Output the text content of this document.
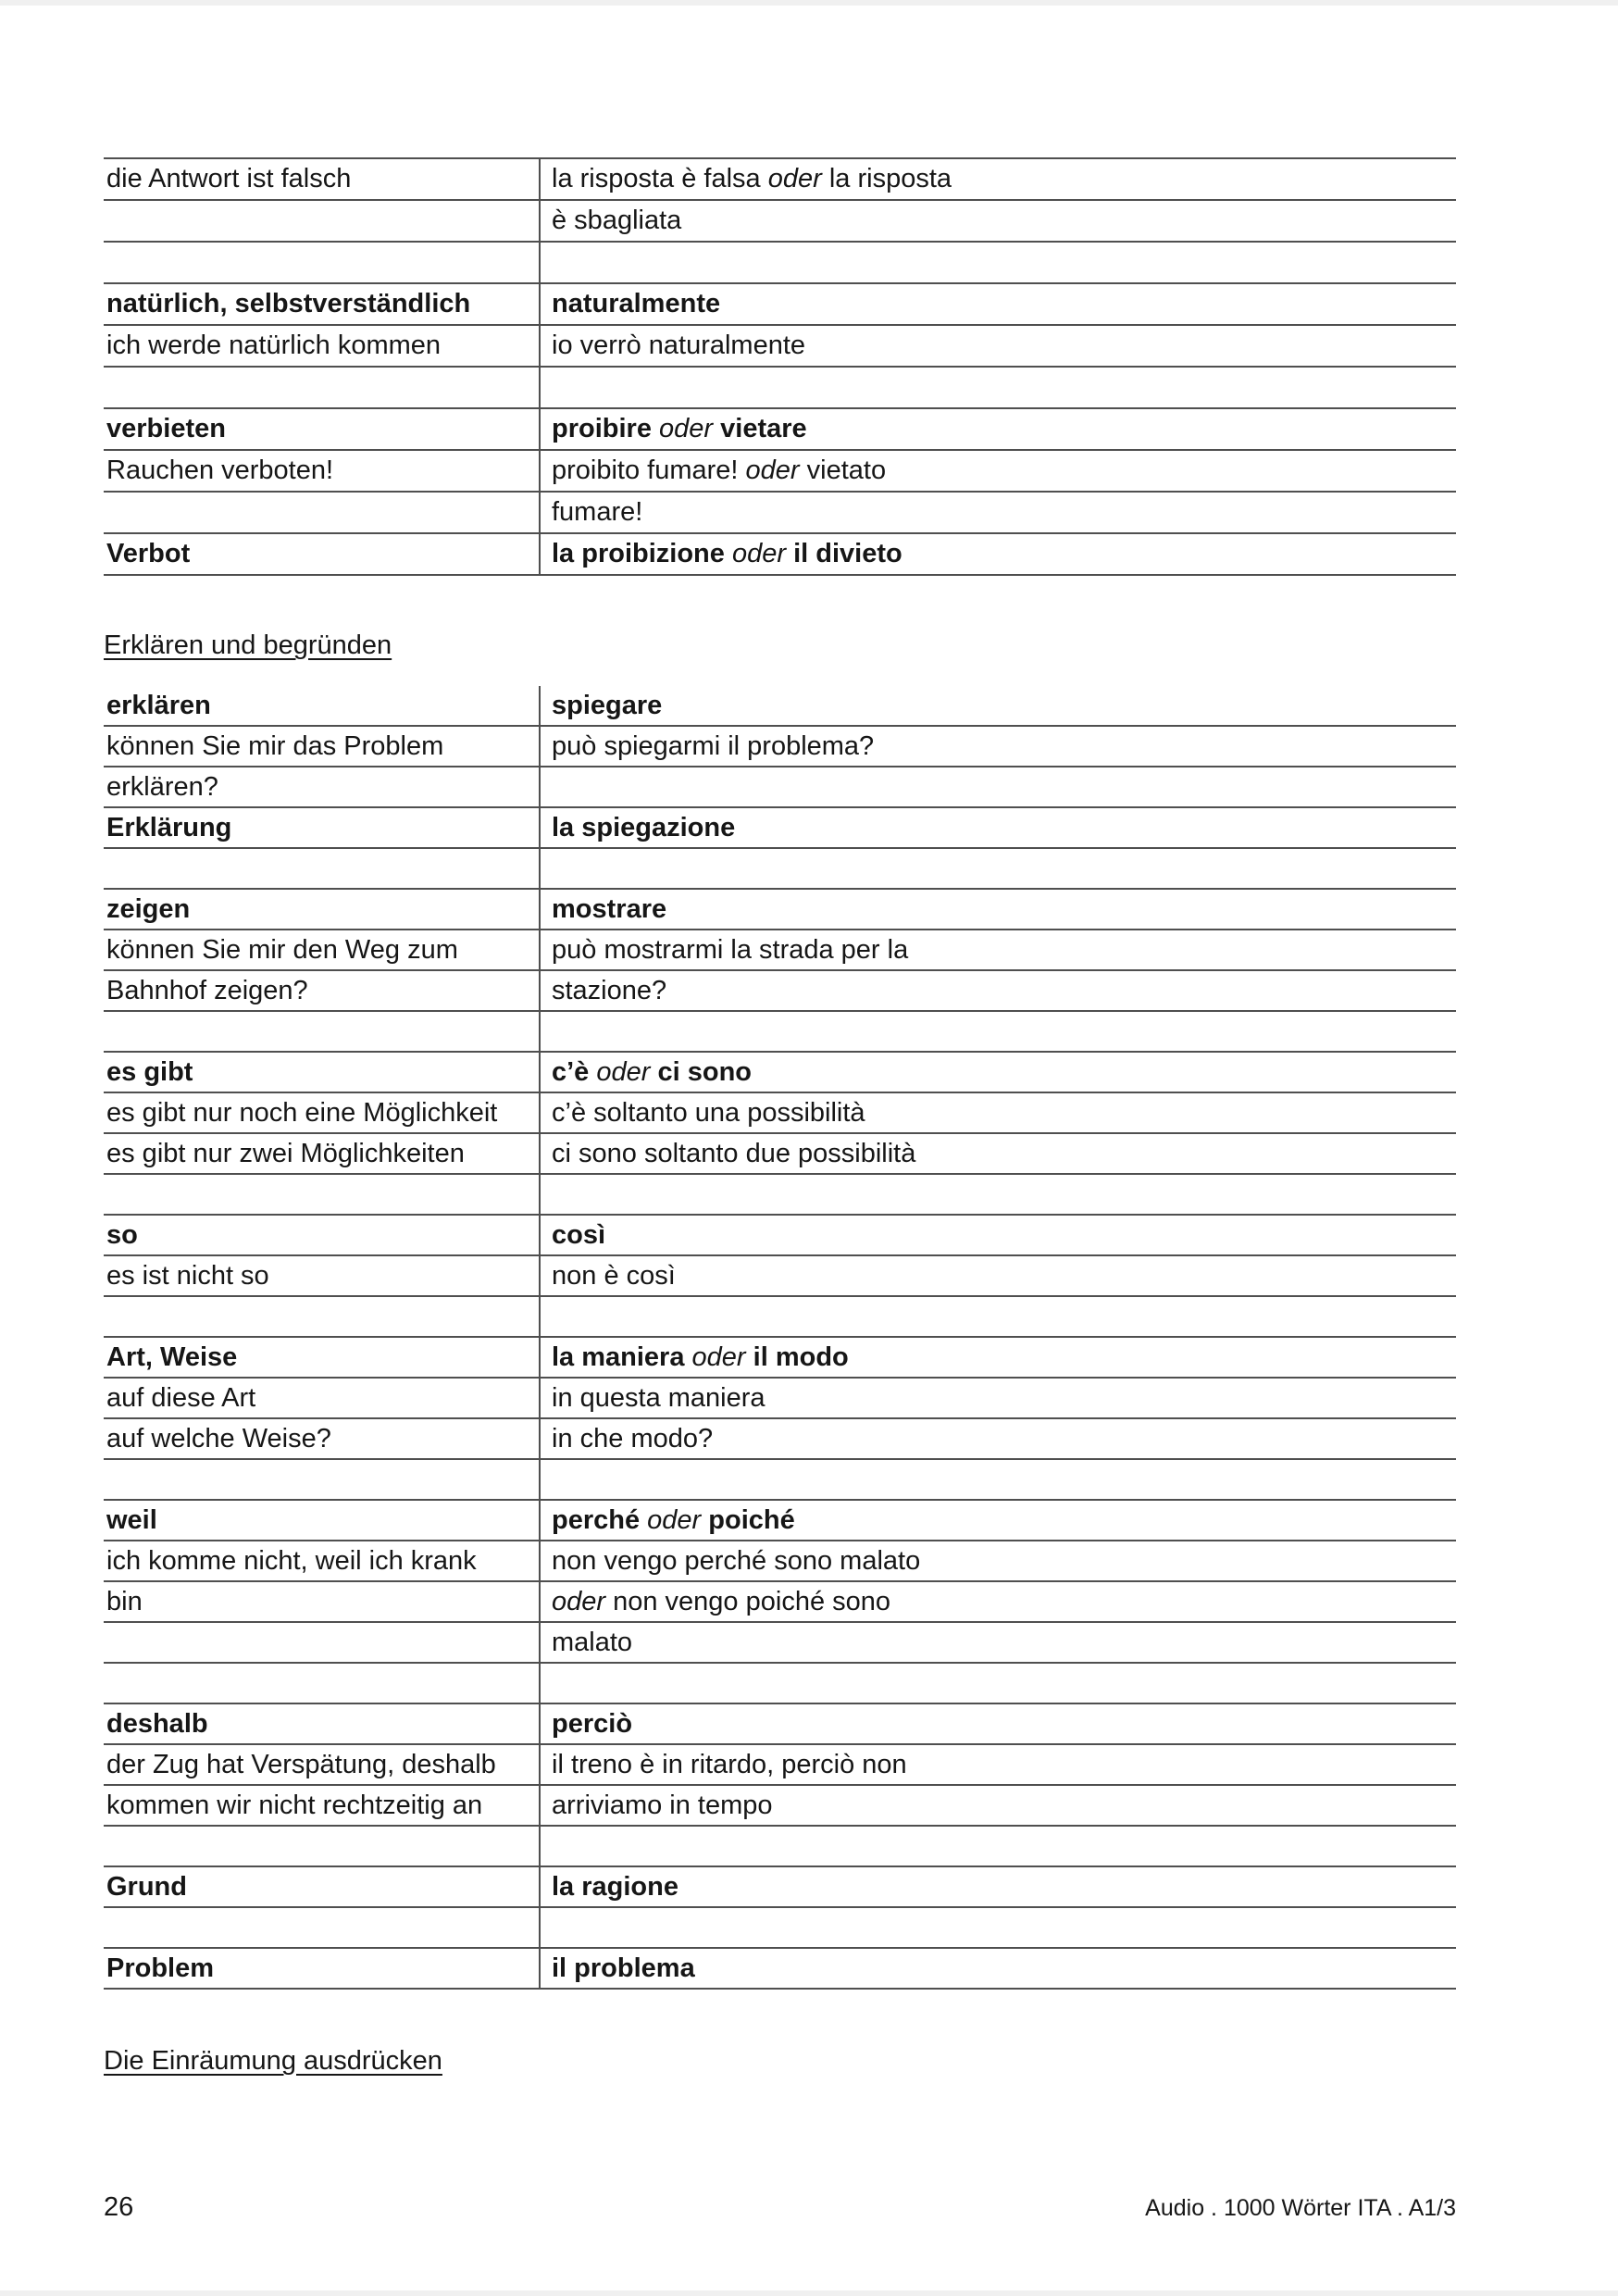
die Antwort ist falsch	la risposta è falsa oder la risposta
è sbagliata
natürlich, selbstverständlich	naturalmente
ich werde natürlich kommen	io verrò naturalmente
verbieten	proibire oder vietare
Rauchen verboten!	proibito fumare! oder vietato
fumare!
Verbot	la proibizione oder il divieto
Erklären und begründen
erklären	spiegare
können Sie mir das Problem	può spiegarmi il problema?
erklären?
Erklärung	la spiegazione
zeigen	mostrare
können Sie mir den Weg zum	può mostrarmi la strada per la
Bahnhof zeigen?	stazione?
es gibt	c’è oder ci sono
es gibt nur noch eine Möglichkeit	c’è soltanto una possibilità
es gibt nur zwei Möglichkeiten	ci sono soltanto due possibilità
so	così
es ist nicht so	non è così
Art, Weise	la maniera oder il modo
auf diese Art	in questa maniera
auf welche Weise?	in che modo?
weil	perché oder poiché
ich komme nicht, weil ich krank	non vengo perché sono malato
bin	oder non vengo poiché sono
malato
deshalb	perciò
der Zug hat Verspätung, deshalb	il treno è in ritardo, perciò non
kommen wir nicht rechtzeitig an	arriviamo in tempo
Grund	la ragione
Problem	il problema
Die Einräumung ausdrücken
26	Audio . 1000 Wörter ITA . A1/3
